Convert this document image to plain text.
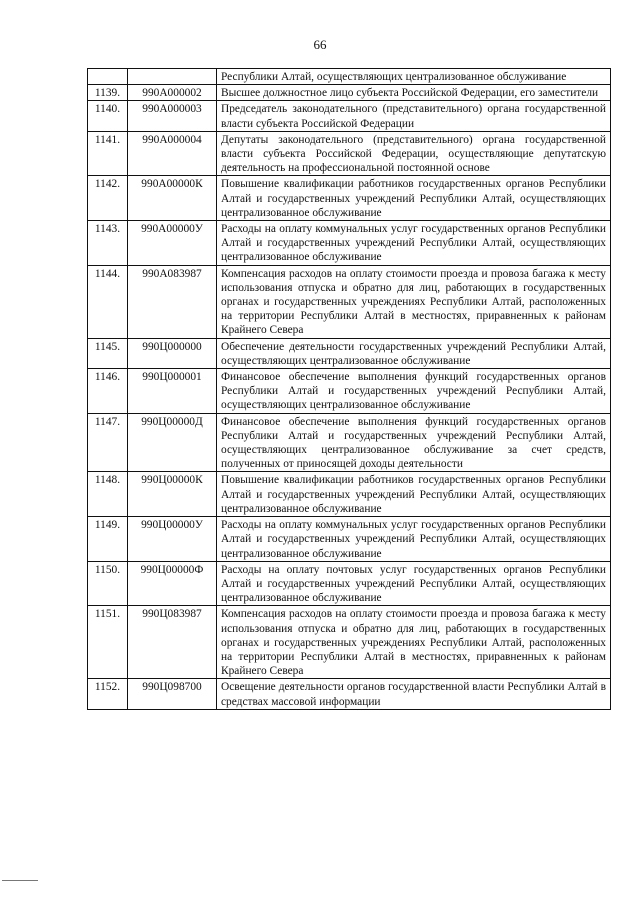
66
		Республики Алтай, осуществляющих централизованное обслуживание
1139.	990А000002	Высшее должностное лицо субъекта Российской Федерации, его заместители
1140.	990А000003	Председатель законодательного (представительного) органа государственной власти субъекта Российской Федерации
1141.	990А000004	Депутаты законодательного (представительного) органа государственной власти субъекта Российской Федерации, осуществляющие депутатскую деятельность на профессиональной постоянной основе
1142.	990А00000К	Повышение квалификации работников государственных органов Республики Алтай и государственных учреждений Республики Алтай, осуществляющих централизованное обслуживание
1143.	990А00000У	Расходы на оплату коммунальных услуг государственных органов Республики Алтай и государственных учреждений Республики Алтай, осуществляющих централизованное обслуживание
1144.	990А083987	Компенсация расходов на оплату стоимости проезда и провоза багажа к месту использования отпуска и обратно для лиц, работающих в государственных органах и государственных учреждениях Республики Алтай, расположенных на территории Республики Алтай в местностях, приравненных к районам Крайнего Севера
1145.	990Ц000000	Обеспечение деятельности государственных учреждений Республики Алтай, осуществляющих централизованное обслуживание
1146.	990Ц000001	Финансовое обеспечение выполнения функций государственных органов Республики Алтай и государственных учреждений Республики Алтай, осуществляющих централизованное обслуживание
1147.	990Ц00000Д	Финансовое обеспечение выполнения функций государственных органов Республики Алтай и государственных учреждений Республики Алтай, осуществляющих централизованное обслуживание за счет средств, полученных от приносящей доходы деятельности
1148.	990Ц00000К	Повышение квалификации работников государственных органов Республики Алтай и государственных учреждений Республики Алтай, осуществляющих централизованное обслуживание
1149.	990Ц00000У	Расходы на оплату коммунальных услуг государственных органов Республики Алтай и государственных учреждений Республики Алтай, осуществляющих централизованное обслуживание
1150.	990Ц00000Ф	Расходы на оплату почтовых услуг государственных органов Республики Алтай и государственных учреждений Республики Алтай, осуществляющих централизованное обслуживание
1151.	990Ц083987	Компенсация расходов на оплату стоимости проезда и провоза багажа к месту использования отпуска и обратно для лиц, работающих в государственных органах и государственных учреждениях Республики Алтай, расположенных на территории Республики Алтай в местностях, приравненных к районам Крайнего Севера
1152.	990Ц098700	Освещение деятельности органов государственной власти Республики Алтай в средствах массовой информации
